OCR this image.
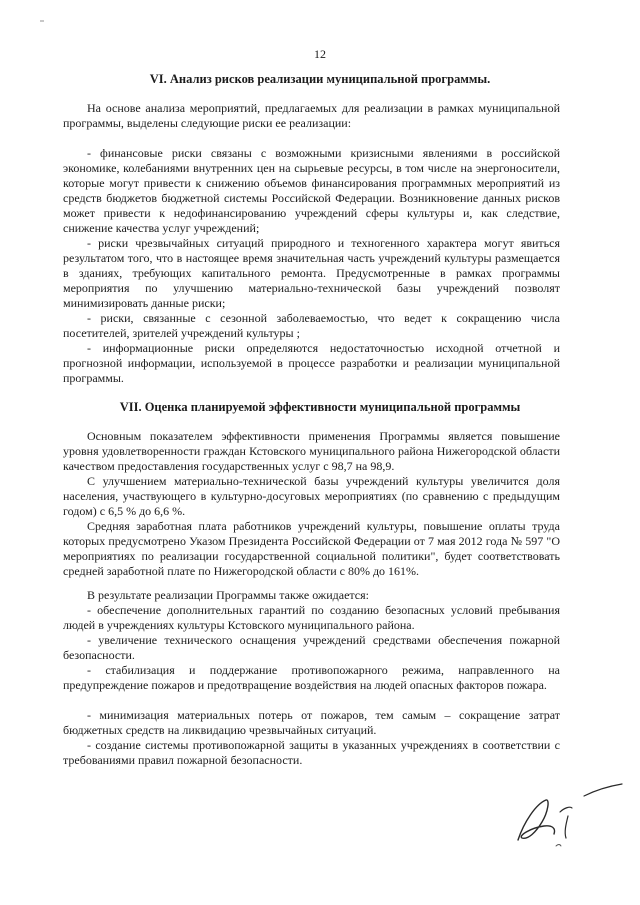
12
VI. Анализ рисков реализации муниципальной программы.

На основе анализа мероприятий, предлагаемых для реализации в рамках муниципальной программы, выделены следующие риски ее реализации:

- финансовые риски связаны с возможными кризисными явлениями в российской экономике, колебаниями внутренних цен на сырьевые ресурсы, в том числе на энергоносители, которые могут привести к снижению объемов финансирования программных мероприятий из средств бюджетов бюджетной системы Российской Федерации. Возникновение данных рисков может привести к недофинансированию учреждений сферы культуры и, как следствие, снижение качества услуг учреждений;

- риски чрезвычайных ситуаций природного и техногенного характера могут явиться результатом того, что в настоящее время значительная часть учреждений культуры размещается в зданиях, требующих капитального ремонта. Предусмотренные в рамках программы мероприятия по улучшению материально-технической базы учреждений позволят минимизировать данные риски;

- риски, связанные с сезонной заболеваемостью, что ведет к сокращению числа посетителей, зрителей учреждений культуры ;

- информационные риски определяются недостаточностью исходной отчетной и прогнозной информации, используемой в процессе разработки и реализации муниципальной программы.

VII. Оценка планируемой эффективности муниципальной программы

Основным показателем эффективности применения Программы является повышение уровня удовлетворенности граждан Кстовского муниципального района Нижегородской области качеством предоставления государственных услуг с 98,7 на 98,9.

С улучшением материально-технической базы учреждений культуры увеличится доля населения, участвующего в культурно-досуговых мероприятиях (по сравнению с предыдущим годом) с 6,5 % до 6,6 %.

Средняя заработная плата работников учреждений культуры, повышение оплаты труда которых предусмотрено Указом Президента Российской Федерации от 7 мая 2012 года № 597 "О мероприятиях по реализации государственной социальной политики", будет соответствовать средней заработной плате по Нижегородской области с 80% до 161%.

В результате реализации Программы также ожидается:

- обеспечение дополнительных гарантий по созданию безопасных условий пребывания людей в учреждениях культуры Кстовского муниципального района.

- увеличение технического оснащения учреждений средствами обеспечения пожарной безопасности.

- стабилизация и поддержание противопожарного режима, направленного на предупреждение пожаров и предотвращение воздействия на людей опасных факторов пожара.

- минимизация материальных потерь от пожаров, тем самым – сокращение затрат бюджетных средств на ликвидацию чрезвычайных ситуаций.

- создание системы противопожарной защиты в указанных учреждениях в соответствии с требованиями правил пожарной безопасности.
